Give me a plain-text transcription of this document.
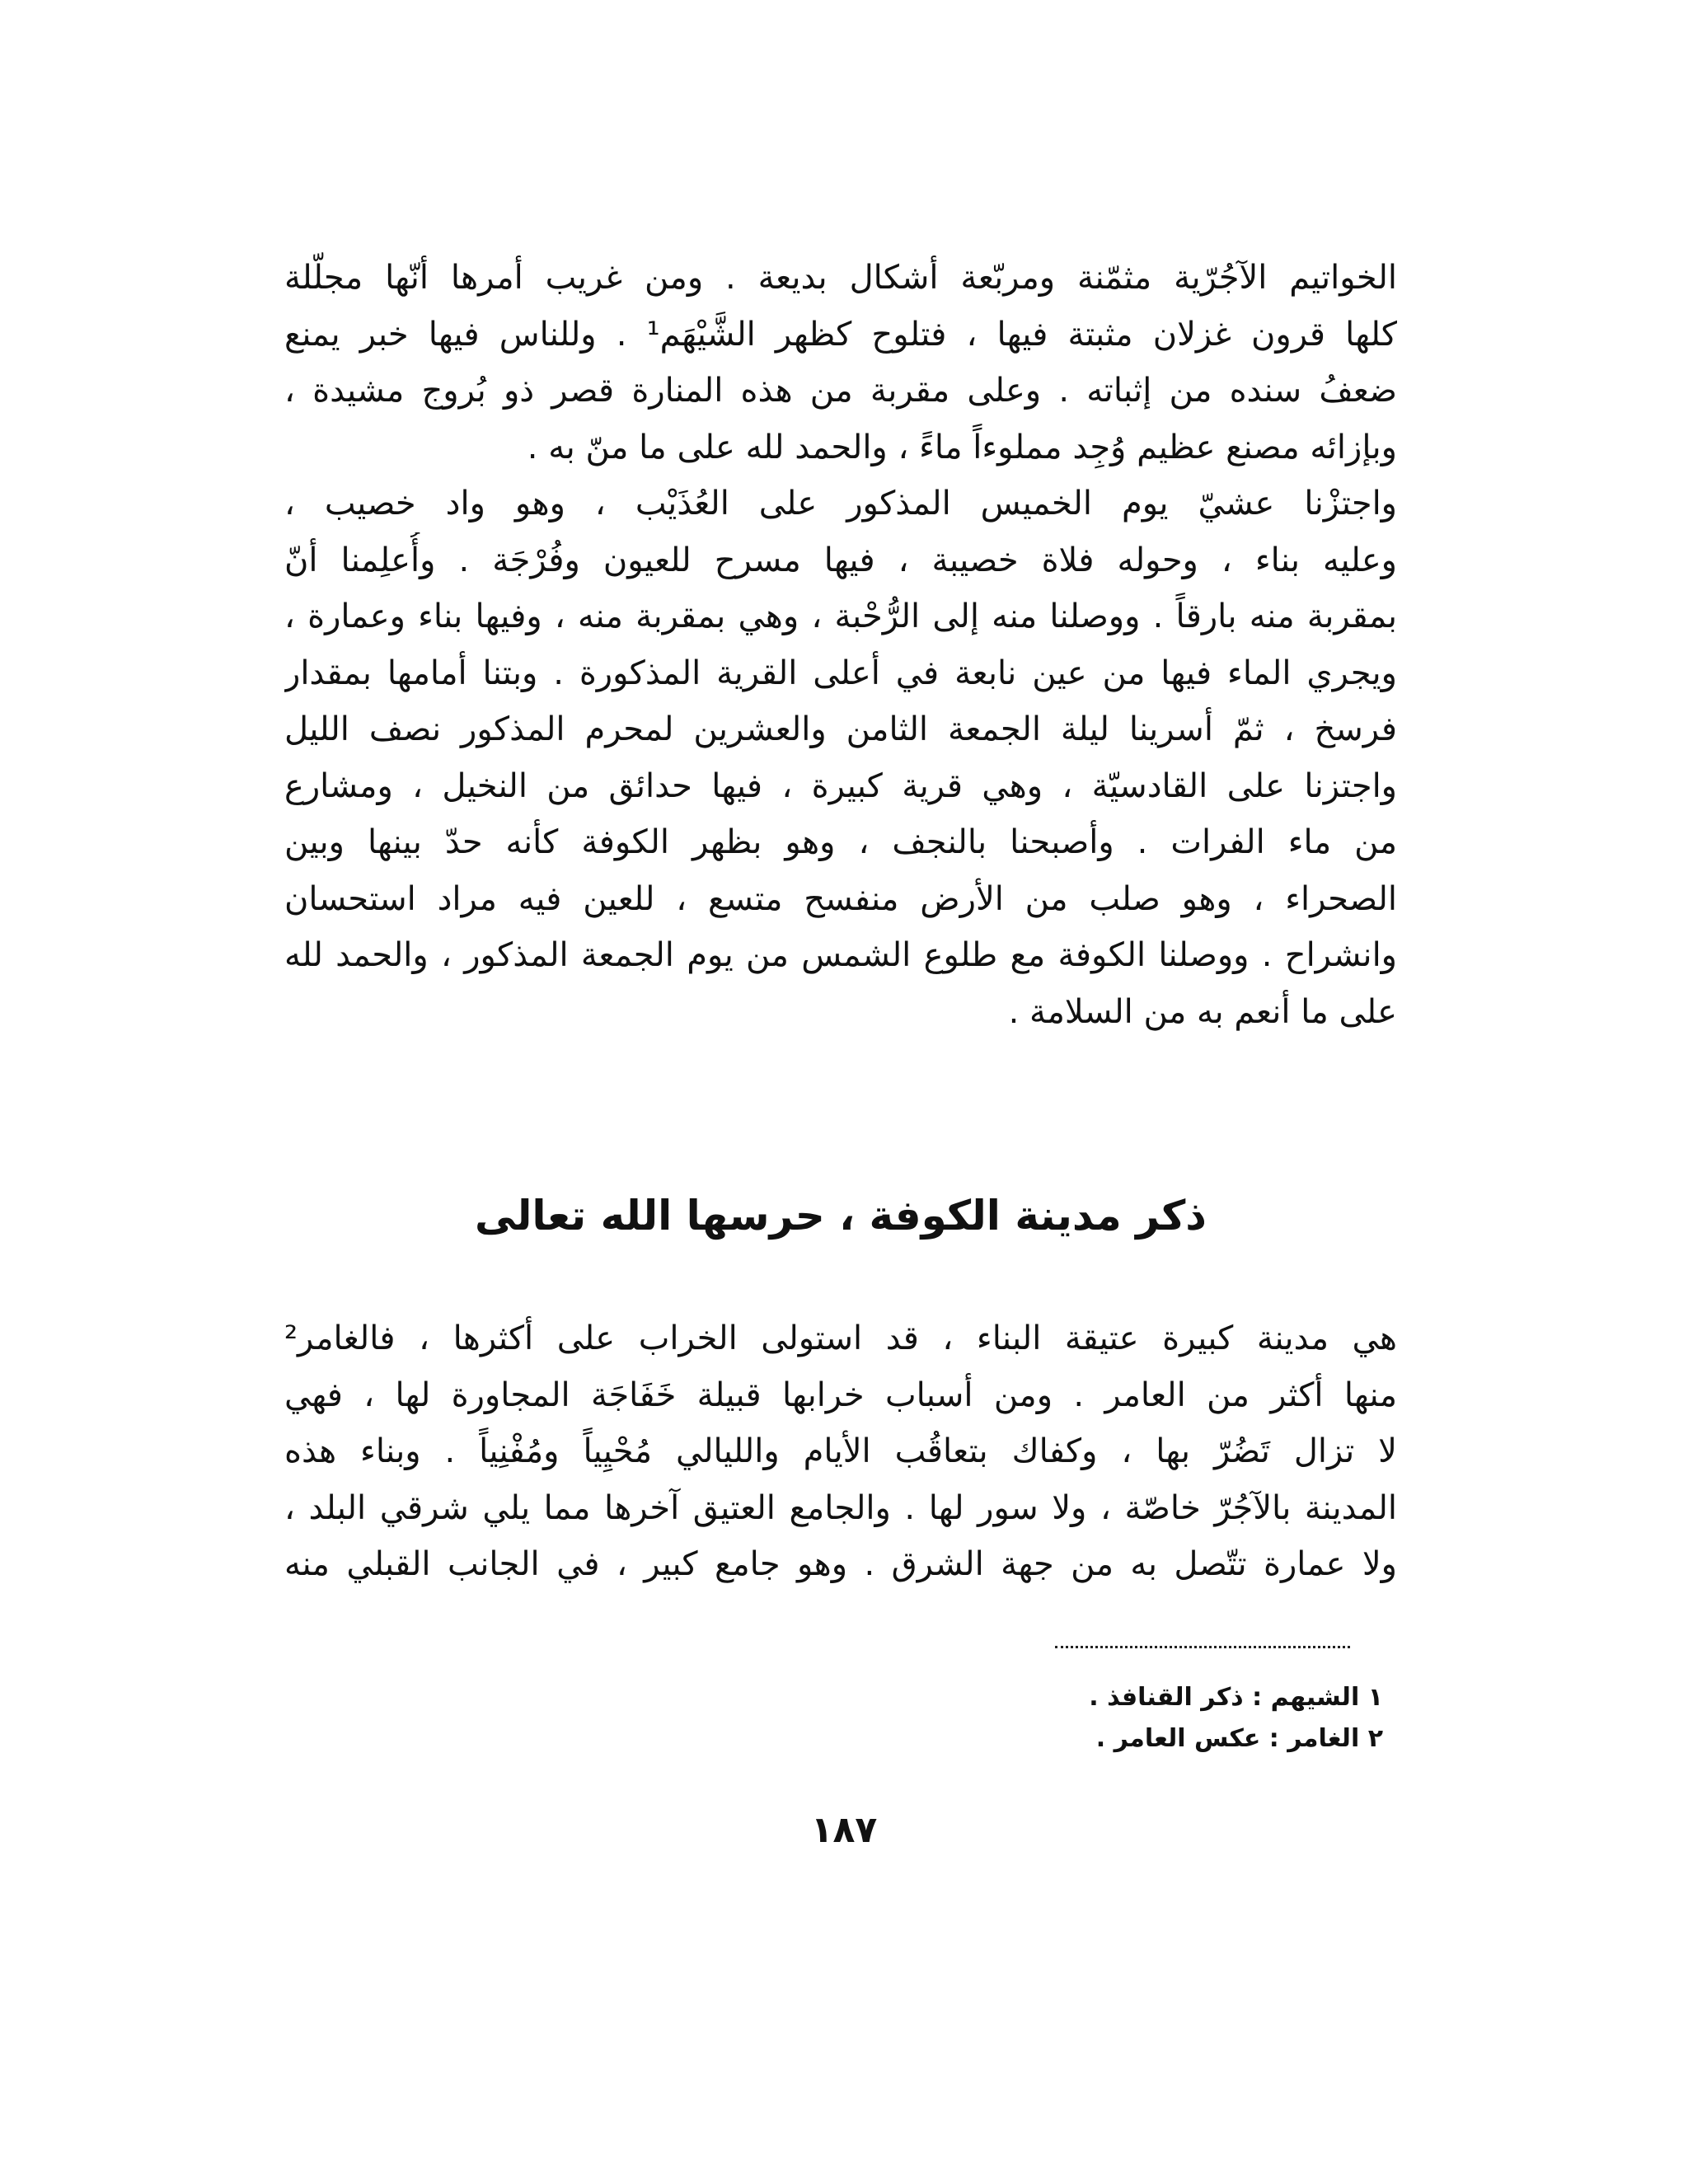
الخواتيم الآجُرّية مثمّنة ومربّعة أشكال بديعة . ومن غريب أمرها أنّها مجلّلة
كلها قرون غزلان مثبتة فيها ، فتلوح كظهر الشَّيْهَم¹ . وللناس فيها خبر يمنع
ضعفُ سنده من إثباته . وعلى مقربة من هذه المنارة قصر ذو بُروج مشيدة ،
وبإزائه مصنع عظيم وُجِد مملوءاً ماءً ، والحمد لله على ما منّ به .
واجتزْنا عشيّ يوم الخميس المذكور على العُذَيْب ، وهو واد خصيب ،
وعليه بناء ، وحوله فلاة خصيبة ، فيها مسرح للعيون وفُرْجَة . وأُعلِمنا أنّ
بمقربة منه بارقاً . ووصلنا منه إلى الرُّحْبة ، وهي بمقربة منه ، وفيها بناء وعمارة ،
ويجري الماء فيها من عين نابعة في أعلى القرية المذكورة . وبتنا أمامها بمقدار
فرسخ ، ثمّ أسرينا ليلة الجمعة الثامن والعشرين لمحرم المذكور نصف الليل
واجتزنا على القادسيّة ، وهي قرية كبيرة ، فيها حدائق من النخيل ، ومشارع
من ماء الفرات . وأصبحنا بالنجف ، وهو بظهر الكوفة كأنه حدّ بينها وبين
الصحراء ، وهو صلب من الأرض منفسح متسع ، للعين فيه مراد استحسان
وانشراح . ووصلنا الكوفة مع طلوع الشمس من يوم الجمعة المذكور ، والحمد لله
على ما أنعم به من السلامة .
ذكر مدينة الكوفة ، حرسها الله تعالى
هي مدينة كبيرة عتيقة البناء ، قد استولى الخراب على أكثرها ، فالغامر²
منها أكثر من العامر . ومن أسباب خرابها قبيلة خَفَاجَة المجاورة لها ، فهي
لا تزال تَضُرّ بها ، وكفاك بتعاقُب الأيام والليالي مُحْيِياً ومُفْنِياً . وبناء هذه
المدينة بالآجُرّ خاصّة ، ولا سور لها . والجامع العتيق آخرها مما يلي شرقي البلد ،
ولا عمارة تتّصل به من جهة الشرق . وهو جامع كبير ، في الجانب القبلي منه
١ الشيهم : ذكر القنافذ .
٢ الغامر : عكس العامر .
١٨٧
